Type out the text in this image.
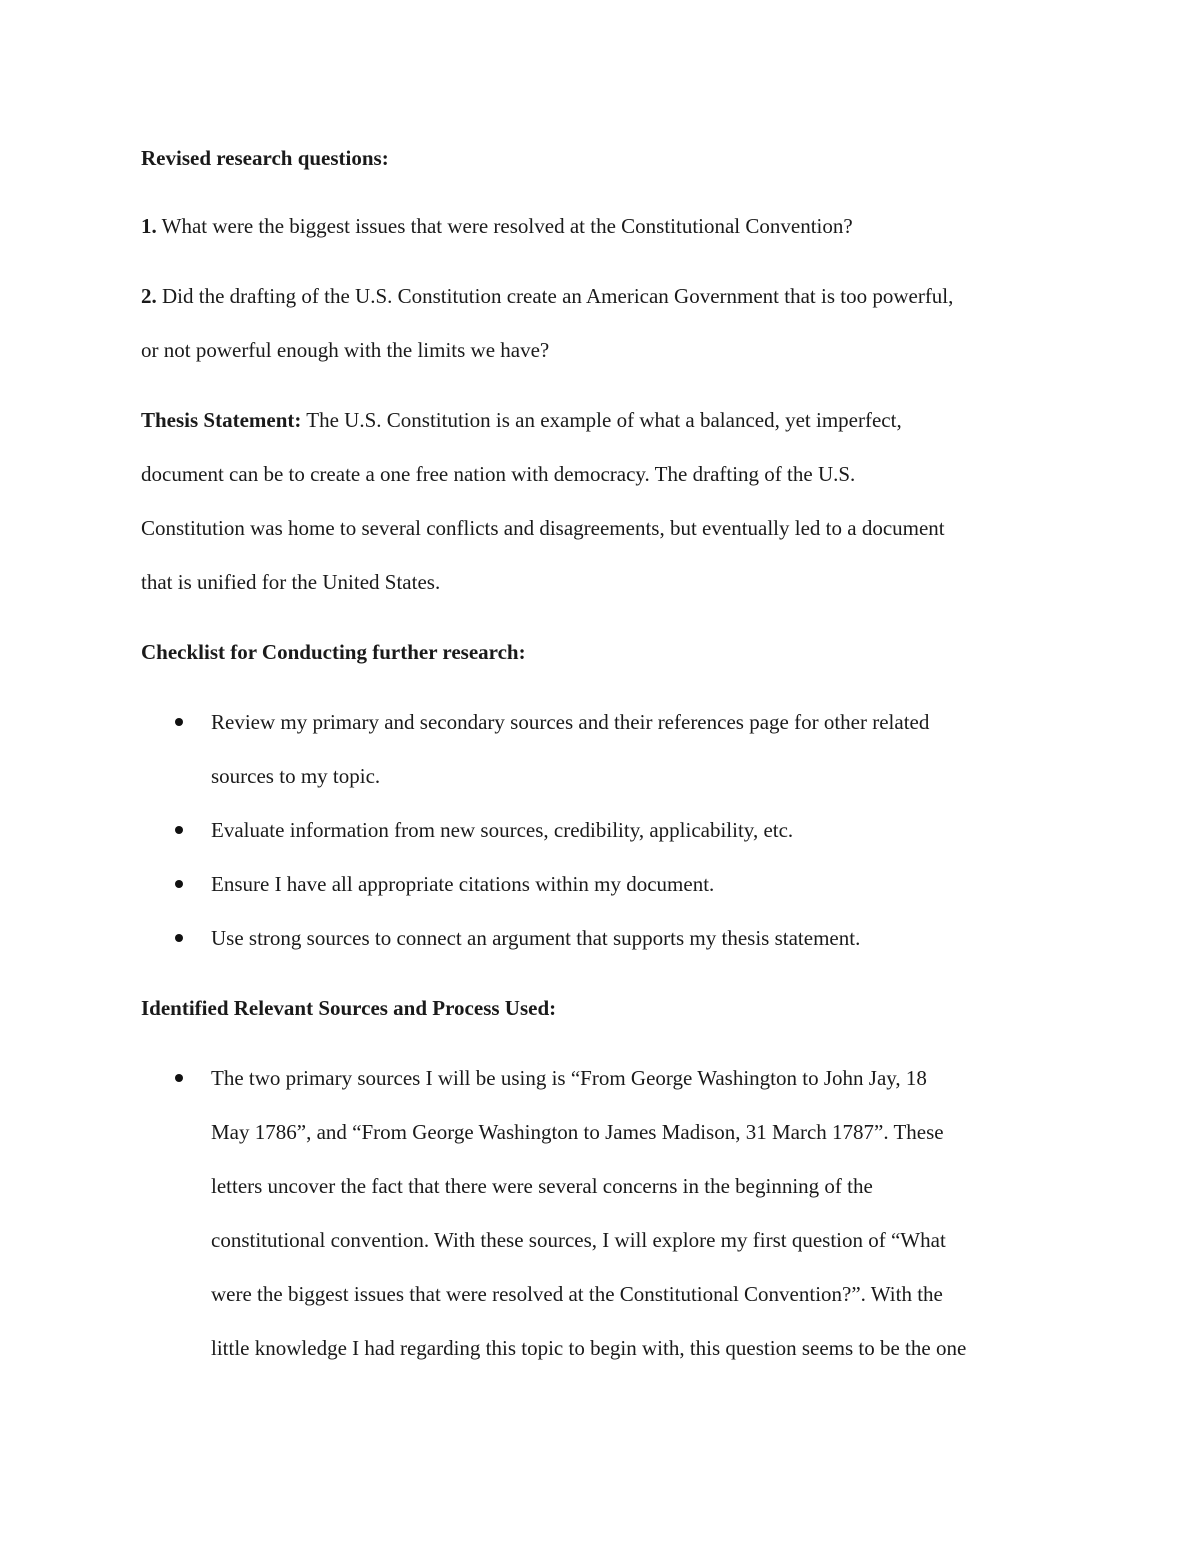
Revised research questions:
1. What were the biggest issues that were resolved at the Constitutional Convention?
2. Did the drafting of the U.S. Constitution create an American Government that is too powerful,
or not powerful enough with the limits we have?
Thesis Statement: The U.S. Constitution is an example of what a balanced, yet imperfect,
document can be to create a one free nation with democracy. The drafting of the U.S.
Constitution was home to several conflicts and disagreements, but eventually led to a document
that is unified for the United States.
Checklist for Conducting further research:
Review my primary and secondary sources and their references page for other related
sources to my topic.
Evaluate information from new sources, credibility, applicability, etc.
Ensure I have all appropriate citations within my document.
Use strong sources to connect an argument that supports my thesis statement.
Identified Relevant Sources and Process Used:
The two primary sources I will be using is “From George Washington to John Jay, 18
May 1786”, and “From George Washington to James Madison, 31 March 1787”. These
letters uncover the fact that there were several concerns in the beginning of the
constitutional convention. With these sources, I will explore my first question of “What
were the biggest issues that were resolved at the Constitutional Convention?”. With the
little knowledge I had regarding this topic to begin with, this question seems to be the one
